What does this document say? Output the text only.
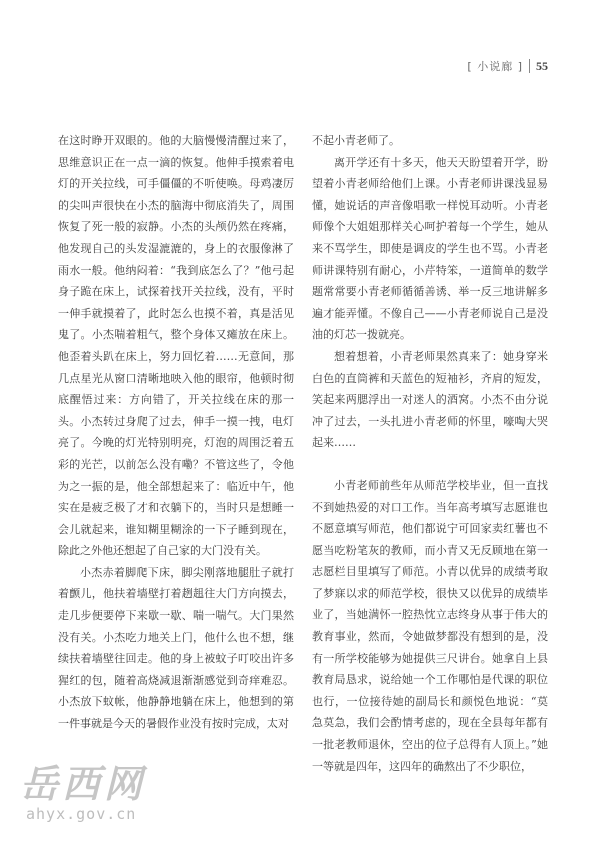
[ 小说廊 ] 55

在这时睁开双眼的。他的大脑慢慢清醒过来了，思维意识正在一点一滴的恢复。他伸手摸索着电灯的开关拉线，可手僵僵的不听使唤。母鸡凄厉的尖叫声很快在小杰的脑海中彻底消失了，周围恢复了死一般的寂静。小杰的头颅仍然在疼痛，他发现自己的头发湿漉漉的，身上的衣服像淋了雨水一般。他纳闷着：“我到底怎么了？”他弓起身子跪在床上，试探着找开关拉线，没有，平时一伸手就摸着了，此时怎么也摸不着，真是活见鬼了。小杰喘着粗气，整个身体又瘫放在床上。他歪着头趴在床上，努力回忆着……无意间，那几点星光从窗口清晰地映入他的眼帘，他顿时彻底醒悟过来：方向错了，开关拉线在床的那一头。小杰转过身爬了过去，伸手一摸一拽，电灯亮了。今晚的灯光特别明亮，灯泡的周围泛着五彩的光芒，以前怎么没有嘞？不管这些了，令他为之一振的是，他全部想起来了：临近中午，他实在是疲乏极了才和衣躺下的，当时只是想睡一会儿就起来，谁知糊里糊涂的一下子睡到现在，除此之外他还想起了自己家的大门没有关。

小杰赤着脚爬下床，脚尖刚落地腿肚子就打着颤儿，他扶着墙壁打着趔趄往大门方向摸去，走几步便要停下来歇一歇、喘一喘气。大门果然没有关。小杰吃力地关上门，他什么也不想，继续扶着墙壁往回走。他的身上被蚊子叮咬出许多猩红的包，随着高烧减退渐渐感觉到奇痒难忍。小杰放下蚊帐，他静静地躺在床上，他想到的第一件事就是今天的暑假作业没有按时完成，太对

不起小青老师了。

离开学还有十多天，他天天盼望着开学，盼望着小青老师给他们上课。小青老师讲课浅显易懂，她说话的声音像唱歌一样悦耳动听。小青老师像个大姐姐那样关心呵护着每一个学生，她从来不骂学生，即使是调皮的学生也不骂。小青老师讲课特别有耐心，小芹特笨，一道简单的数学题常常要小青老师循循善诱、举一反三地讲解多遍才能弄懂。不像自己——小青老师说自己是没油的灯芯一拨就亮。

想着想着，小青老师果然真来了：她身穿米白色的直筒裤和天蓝色的短袖衫，齐肩的短发，笑起来两腮浮出一对迷人的酒窝。小杰不由分说冲了过去，一头扎进小青老师的怀里，嚎啕大哭起来……

小青老师前些年从师范学校毕业，但一直找不到她热爱的对口工作。当年高考填写志愿谁也不愿意填写师范，他们都说宁可回家卖红薯也不愿当吃粉笔灰的教师，而小青又无反顾地在第一志愿栏目里填写了师范。小青以优异的成绩考取了梦寐以求的师范学校，很快又以优异的成绩毕业了，当她满怀一腔热忱立志终身从事于伟大的教育事业，然而，令她做梦都没有想到的是，没有一所学校能够为她提供三尺讲台。她拿自上县教育局恳求，说给她一个工作哪怕是代课的职位也行，一位接待她的副局长和颜悦色地说：“莫急莫急，我们会酌情考虑的，现在全县每年都有一批老教师退休，空出的位子总得有人顶上。”她一等就是四年，这四年的确熬出了不少职位，

岳西网
ahyx.gov.cn
